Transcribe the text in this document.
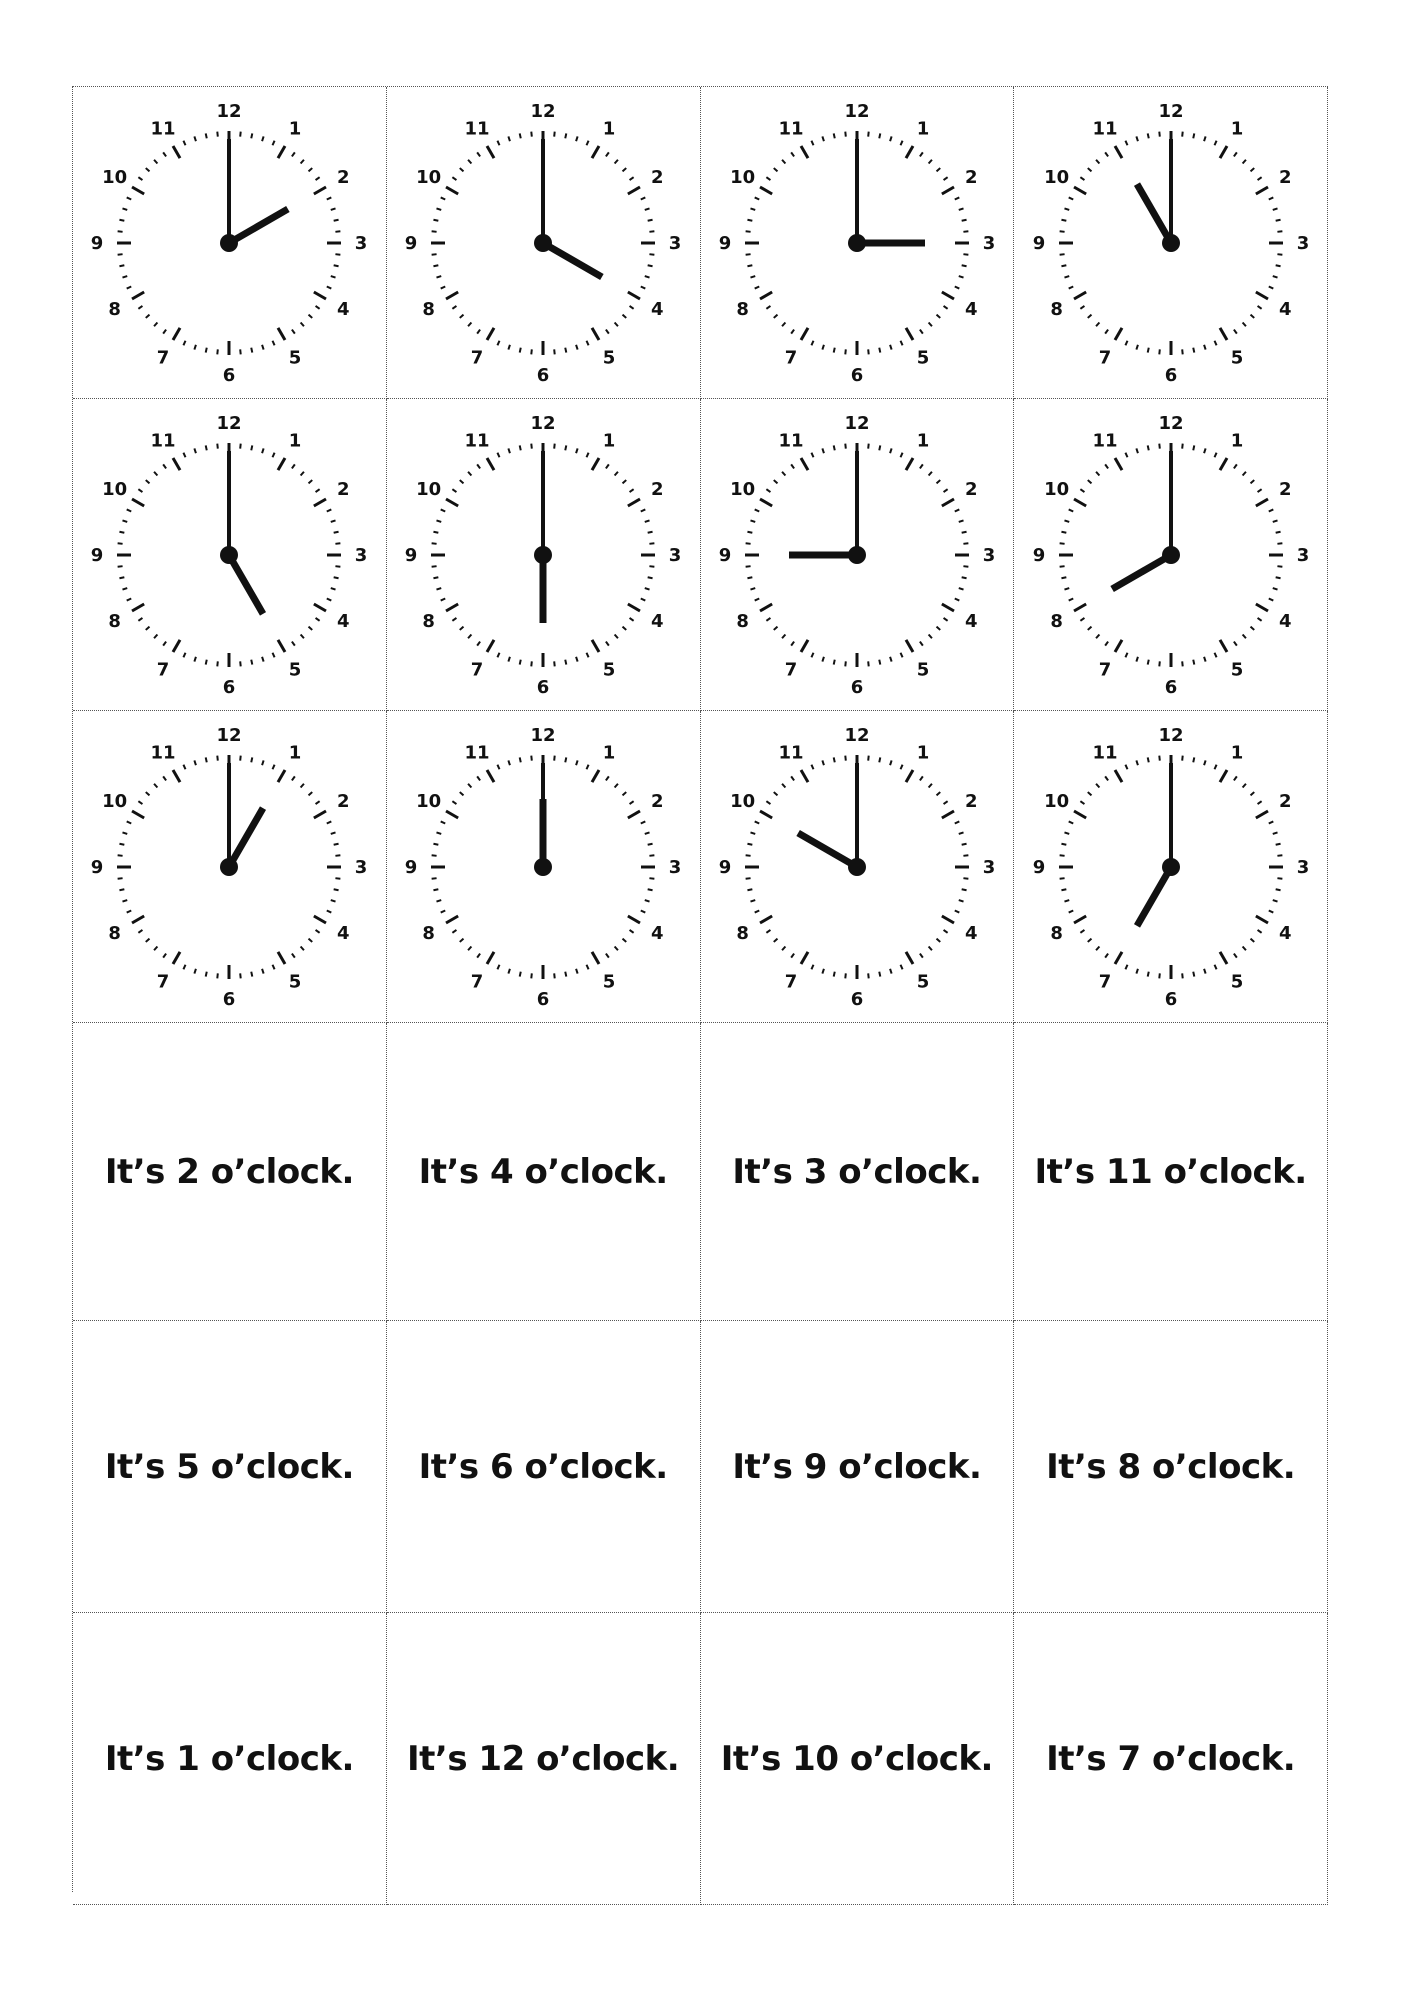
12
1
2
3
4
5
6
7
8
9
10
11
12
1
2
3
4
5
6
7
8
9
10
11
12
1
2
3
4
5
6
7
8
9
10
11
12
1
2
3
4
5
6
7
8
9
10
11
12
1
2
3
4
5
6
7
8
9
10
11
12
1
2
3
4
5
6
7
8
9
10
11
12
1
2
3
4
5
6
7
8
9
10
11
12
1
2
3
4
5
6
7
8
9
10
11
12
1
2
3
4
5
6
7
8
9
10
11
12
1
2
3
4
5
6
7
8
9
10
11
12
1
2
3
4
5
6
7
8
9
10
11
12
1
2
3
4
5
6
7
8
9
10
11
It’s 2 o’clock. It’s 4 o’clock. It’s 3 o’clock. It’s 11 o’clock.
It’s 5 o’clock. It’s 6 o’clock. It’s 9 o’clock. It’s 8 o’clock.
It’s 1 o’clock. It’s 12 o’clock. It’s 10 o’clock. It’s 7 o’clock.
